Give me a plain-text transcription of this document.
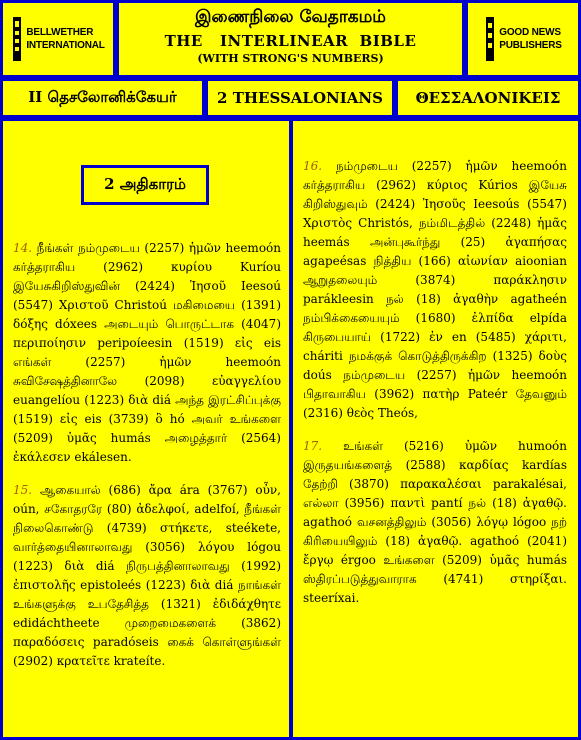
BELLWETHER
INTERNATIONAL
இணைநிலை வேதாகமம்
THE   INTERLINEAR  BIBLE
(WITH STRONG'S NUMBERS)
GOOD NEWS
PUBLISHERS
II தெசலோனிக்கேயர்	2 THESSALONIANS	ΘΕΣΣΑΛΟΝΙΚΕΙΣ
2 அதிகாரம்

14. நீங்கள் நம்முடைய (2257) ἡμῶν heemoón கர்த்தராகிய (2962) κυρίου Kuríou இயேசுகிறிஸ்துவின் (2424) Ἰησοῦ Ieesoú (5547) Χριστοῦ Christoú மகிமையை (1391) δόξης dóxees அடையும் பொருட்டாக (4047) περιποίησιν peripoíeesin (1519) εἰς eis எங்கள் (2257) ἡμῶν heemoón சுவிசேஷத்தினாலே (2098) εὐαγγελίου euangelíou (1223) διὰ diá அந்த இரட்சிப்புக்கு (1519) εἰς eis (3739) ὃ hó அவர் உங்களை (5209) ὑμᾶς humás அழைத்தார் (2564) ἐκάλεσεν ekálesen.

15. ஆகையால் (686) ἄρα ára (3767) οὖν, oún, சகோதரரே (80) ἀδελφοί, adelfoí, நீங்கள் நிலைகொண்டு (4739) στήκετε, steékete, வார்த்தையினாலாவது (3056) λόγου lógou (1223) διὰ diá நிருபத்தினாலாவது (1992) ἐπιστολῆς epistoleés (1223) διὰ diá நாங்கள் உங்களுக்கு உபதேசித்த (1321) ἐδιδάχθητε edidáchtheete முறைமைகளைக் (3862) παραδόσεις paradóseis கைக் கொள்ளுங்கள் (2902) κρατεῖτε krateíte.

16. நம்முடைய (2257) ἡμῶν heemoón கர்த்தராகிய (2962) κύριος Kúrios இயேசு கிறிஸ்துவும் (2424) Ἰησοῦς Ieesoús (5547) Χριστὸς Christós, நம்மிடத்தில் (2248) ἡμᾶς heemás அன்புகூர்ந்து (25) ἀγαπήσας agapeésas நித்திய (166) αἰωνίαν aioonian ஆறுதலையும் (3874) παράκλησιν parákleesin நல் (18) ἀγαθὴν agatheén நம்பிக்கையையும் (1680) ἐλπίδα elpída கிருபையாய் (1722) ἐν en (5485) χάριτι, cháriti நமக்குக் கொடுத்திருக்கிற (1325) δοὺς doús நம்முடைய (2257) ἡμῶν heemoón பிதாவாகிய (3962) πατὴρ Pateér தேவனும் (2316) θεὸς Theós,

17. உங்கள் (5216) ὑμῶν humoón இருதயங்களைத் (2588) καρδίας kardías தேற்றி (3870) παρακαλέσαι parakalésai, எல்லா (3956) παντὶ pantí நல் (18) ἀγαθῷ. agathoó வசனத்திலும் (3056) λόγῳ lógoo நற் கிரியையிலும் (18) ἀγαθῷ. agathoó (2041) ἔργῳ érgoo உங்களை (5209) ὑμᾶς humás ஸ்திரப்படுத்துவாராக (4741) στηρίξαι. steeríxai.
